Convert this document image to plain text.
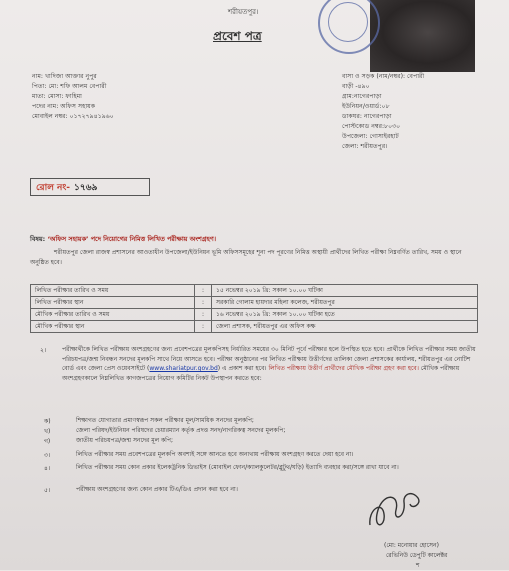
শরীয়তপুর।
প্রবেশ পত্র
নাম: খাদিজা আক্তার নুপুর
পিতা: মো: শফি আলম বেপারী
মাতা: মোসা: ফাহিমা
পদের নাম: অফিস সহায়ক
মোবাইল নম্বর: ০১৭২৭৯৪১৯৬০
বাসা ও সড়ক (নাম/নম্বর): বেপারী
বাড়ী -৪৯০
গ্রাম:নাগেরপাড়া
ইউনিয়ন/ওয়ার্ড:০৮
ডাকঘর: নাগেরপাড়া
পোস্টকোড নম্বর:৮০৩০
উপজেলা: গোসাইরহাট
জেলা: শরীয়তপুর।
রোল নং- ১৭৬৯
বিষয়: ‘অফিস সহায়ক’ পদে নিয়োগের নিমিত্ত লিখিত পরীক্ষায় অংশগ্রহণ।
শরীয়তপুর জেলা রাজস্ব প্রশাসনের আওতাধীন উপজেলা/ইউনিয়ন ভূমি অফিসসমূহের শূন্য পদ পূরণের নিমিত্ত অস্থায়ী প্রার্থীদের লিখিত পরীক্ষা নিম্নবর্ণিত তারিখ, সময় ও স্থানে অনুষ্ঠিত হবে।
লিখিত পরীক্ষার তারিখ ও সময়	:	১৫ নভেম্বর ২০১৯ খ্রি: সকাল ১০.০০ ঘটিকা
লিখিত পরীক্ষার স্থান	:	সরকারি গোলাম হায়দার মহিলা কলেজ, শরীয়তপুর
মৌখিক পরীক্ষার তারিখ ও সময়	:	১৬ নভেম্বর ২০১৯ খ্রি: সকাল ১০.০০ ঘটিকা হতে
মৌখিক পরীক্ষার স্থান	:	জেলা প্রশাসক, শরীয়তপুর এর অফিস কক্ষ
২।	পরীক্ষার্থীকে লিখিত পরীক্ষায় অংশগ্রহণের জন্য প্রবেশপত্রের মূলকপিসহ নির্ধারিত সময়ের ৩০ মিনিট পূর্বে পরীক্ষার হলে উপস্থিত হতে হবে। প্রার্থীকে লিখিত পরীক্ষার সময় জাতীয় পরিচয়পত্র/জন্ম নিবন্ধন সনদের মূলকপি সাথে নিয়ে আসতে হবে। পরীক্ষা অনুষ্ঠানের পর লিখিত পরীক্ষায় উত্তীর্ণদের তালিকা জেলা প্রশাসকের কার্যালয়, শরীয়তপুর এর নোটিশ বোর্ড এবং জেলা প্রেস ওয়েবসাইটে (www.shariatpur.gov.bd) এ প্রকাশ করা হবে। লিখিত পরীক্ষায় উত্তীর্ণ প্রার্থীদের মৌখিক পরীক্ষা গ্রহণ করা হবে। মৌখিক পরীক্ষায় অংশগ্রহণকালে নিম্নলিখিত কাগজপত্রের নিয়োগ কমিটির নিকট উপস্থাপন করতে হবে:
ক)	শিক্ষাগত যোগ্যতার প্রমাণস্বরূপ সকল পরীক্ষার মূল/সাময়িক সনদের মূলকপি;
খ)	জেলা পরিষদ/ইউনিয়ন পরিষদের চেয়ারম্যান কর্তৃক প্রদত্ত সনদ/নাগরিকত্ব সনদের মূলকপি;
গ)	জাতীয় পরিচয়পত্র/জন্ম সনদের মূল কপি;
৩।	লিখিত পরীক্ষার সময় প্রবেশপত্রের মূলকপি অবশ্যই সঙ্গে আনতে হবে অন্যথায় পরীক্ষায় অংশগ্রহণ করতে দেয়া হবে না।
৪।	লিখিত পরীক্ষার সময় কোন প্রকার ইলেকট্রনিক ডিভাইস (মোবাইল ফোন/ক্যালকুলেটর/ব্লুটুথ/ঘড়ি) ইত্যাদি ব্যবহার করা/সঙ্গে রাখা যাবে না।
৫।	পরীক্ষায় অংশগ্রহণের জন্য কোন প্রকার টিএ/ডিএ প্রদান করা হবে না।
(মো: মনোয়ার হোসেন)
রেভিনিউ ডেপুটি কালেক্টর
শ
